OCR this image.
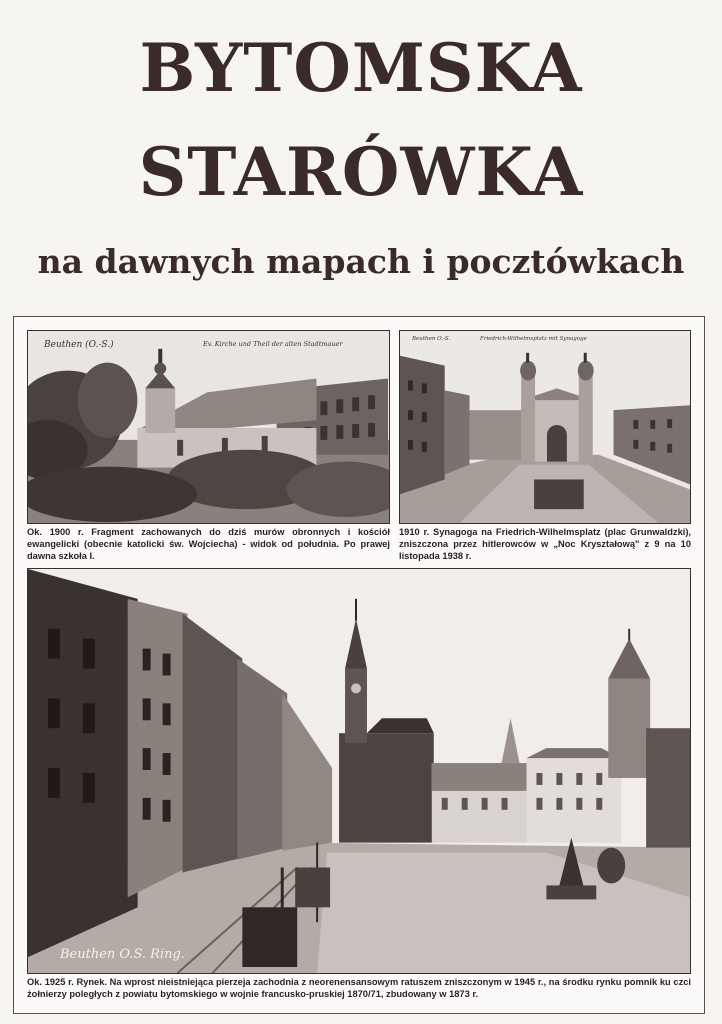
BYTOMSKA
STARÓWKA
na dawnych mapach i pocztówkach
Beuthen (O.-S.)	Ev. Kirche und Theil der alten Stadtmauer

Ok. 1900 r. Fragment zachowanych do dziś murów obronnych i kościół ewangelicki (obecnie katolicki św. Wojciecha) - widok od południa. Po prawej dawna szkoła I.

Beuthen O.-S.	Friedrich-Wilhelmsplatz mit Synagoge

1910 r. Synagoga na Friedrich-Wilhelmsplatz (plac Grunwaldzki), zniszczona przez hitlerowców w „Noc Kryształową" z 9 na 10 listopada 1938 r.

Beuthen O.S. Ring.

Ok. 1925 r. Rynek. Na wprost nieistniejąca pierzeja zachodnia z neorenensansowym ratuszem zniszczonym w 1945 r., na środku rynku pomnik ku czci żołnierzy poległych z powiatu bytomskiego w wojnie francusko-pruskiej 1870/71, zbudowany w 1873 r.
